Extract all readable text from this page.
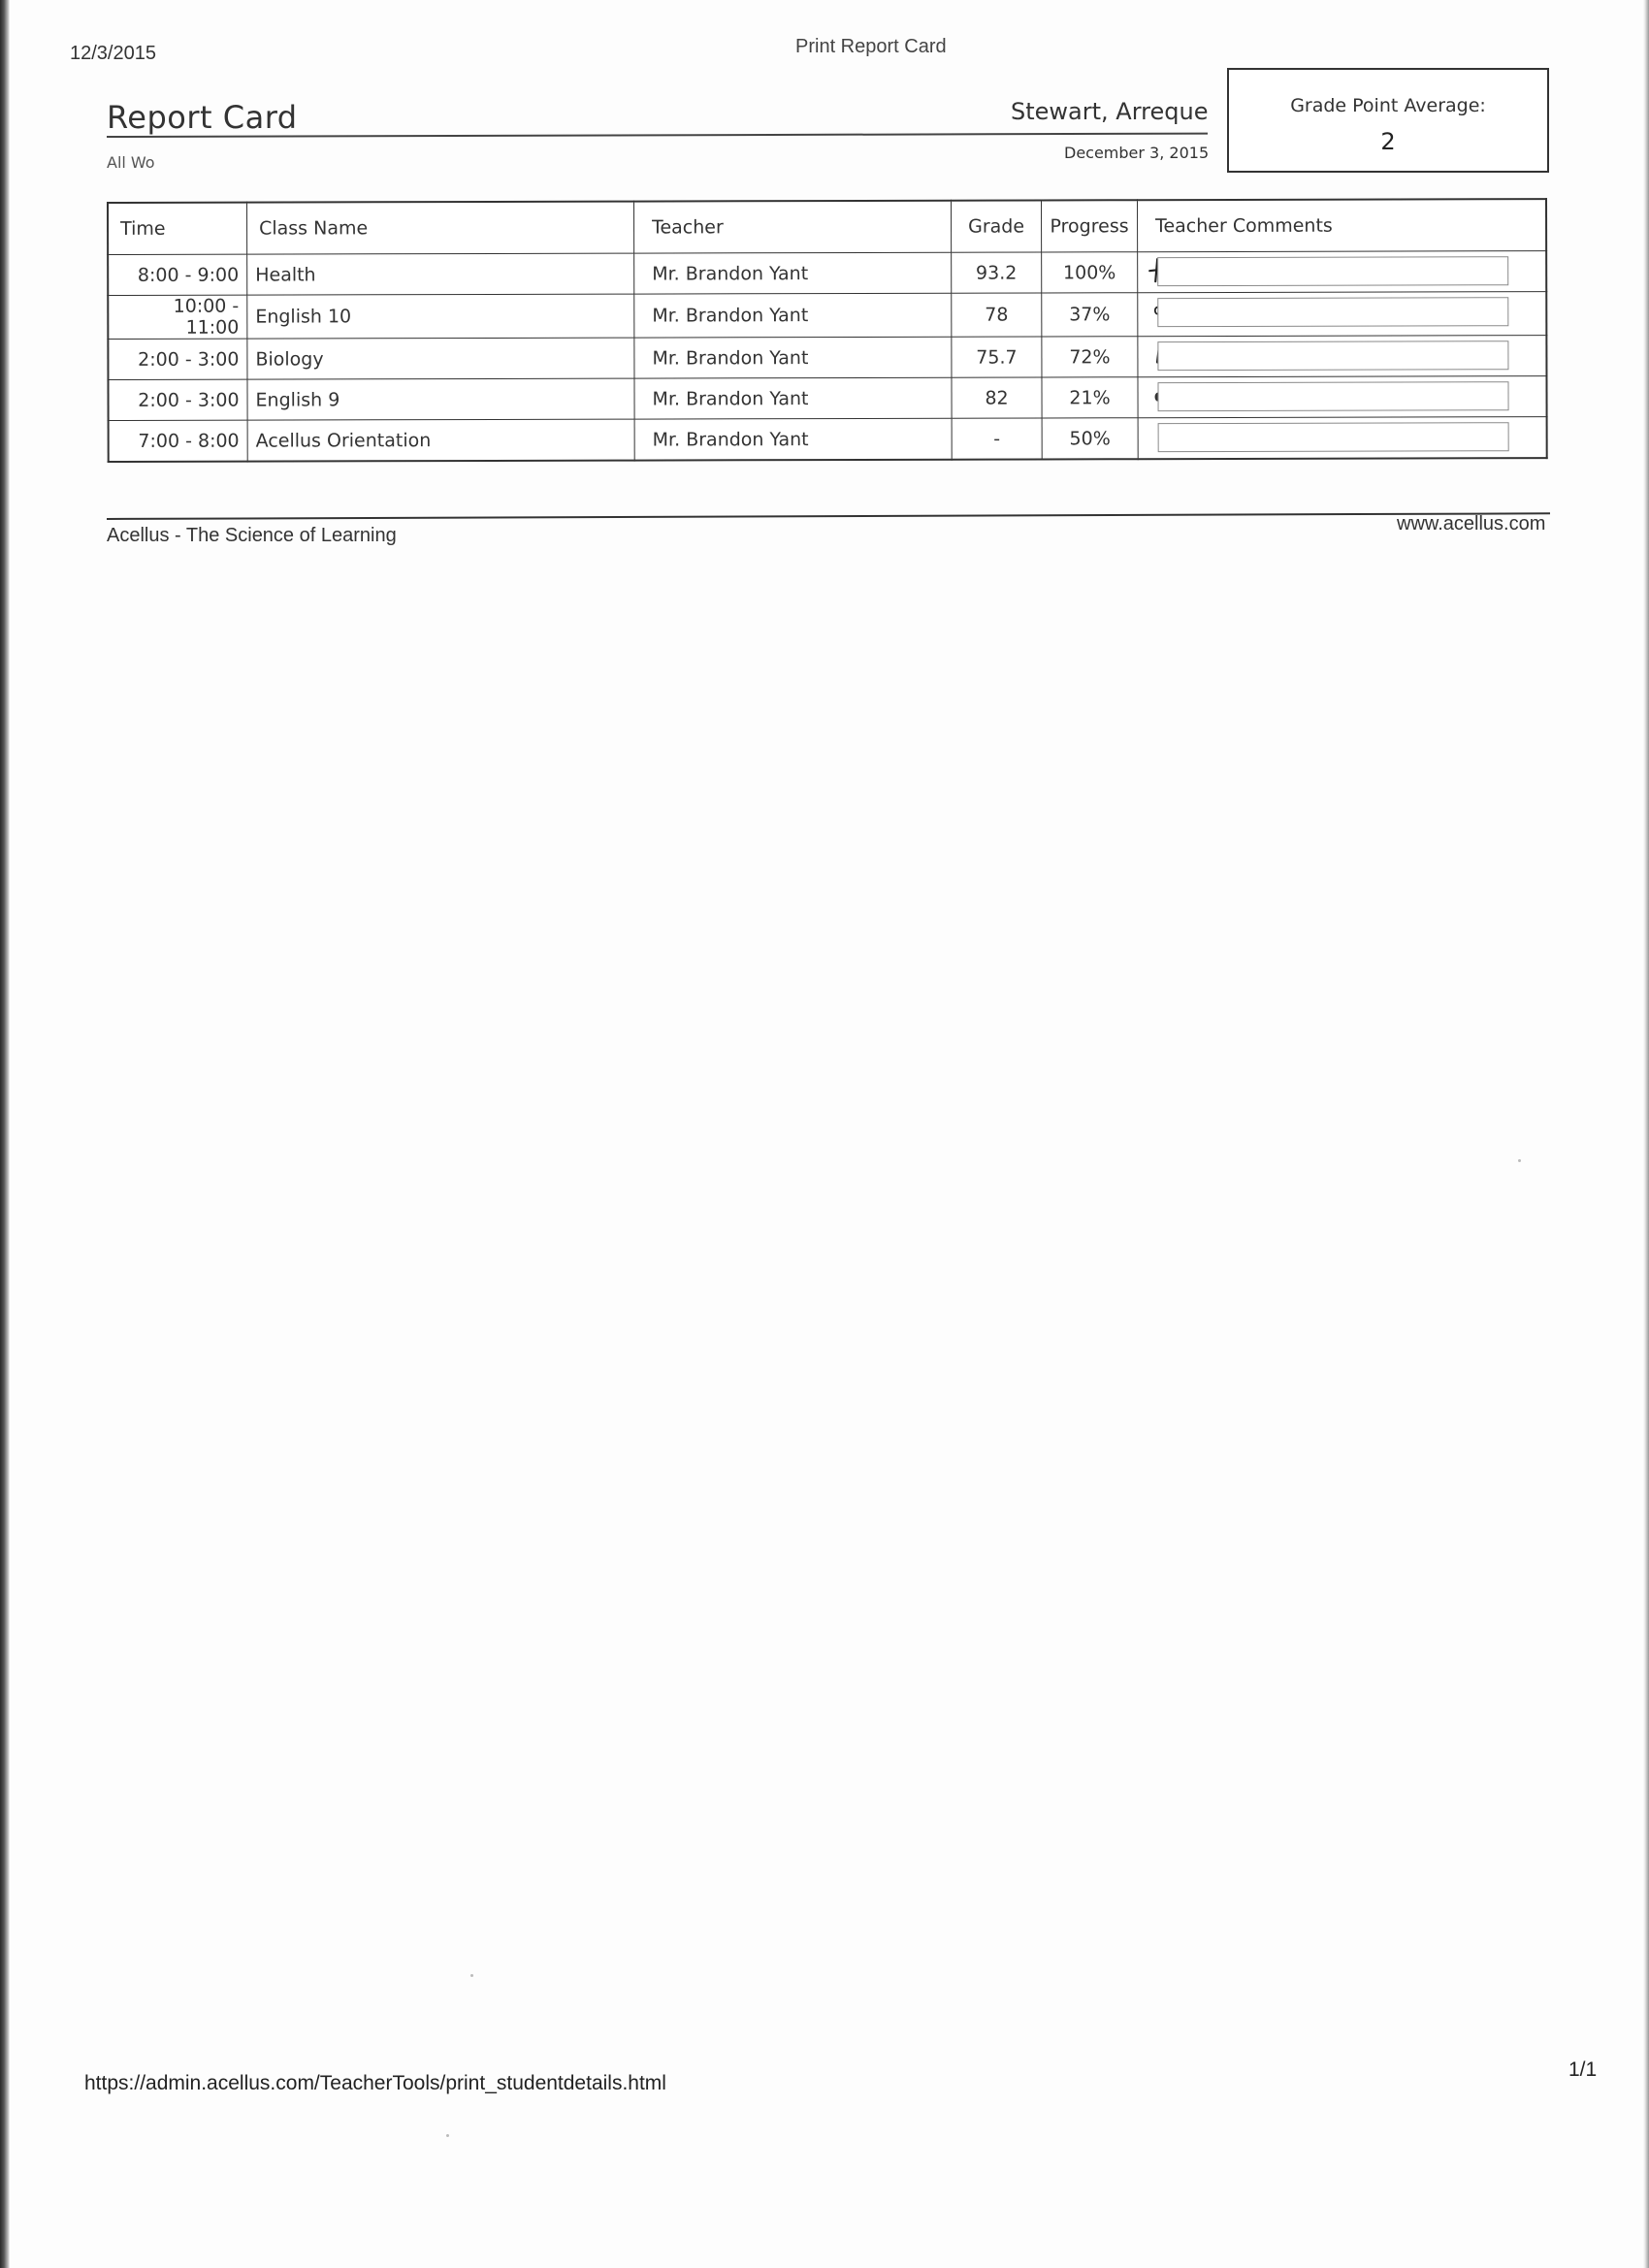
12/3/2015	Print Report Card
Report Card
All Wo
Stewart, Arreque
December 3, 2015
Grade Point Average:
2
Time	Class Name	Teacher	Grade	Progress	Teacher Comments
8:00 - 9:00	Health	Mr. Brandon Yant	93.2	100%	

10:00 - 11:00	English 10	Mr. Brandon Yant	78	37%	

2:00 - 3:00	Biology	Mr. Brandon Yant	75.7	72%	

2:00 - 3:00	English 9	Mr. Brandon Yant	82	21%	

7:00 - 8:00	Acellus Orientation	Mr. Brandon Yant	-	50%	
Acellus - The Science of Learning
www.acellus.com
https://admin.acellus.com/TeacherTools/print_studentdetails.html
1/1
